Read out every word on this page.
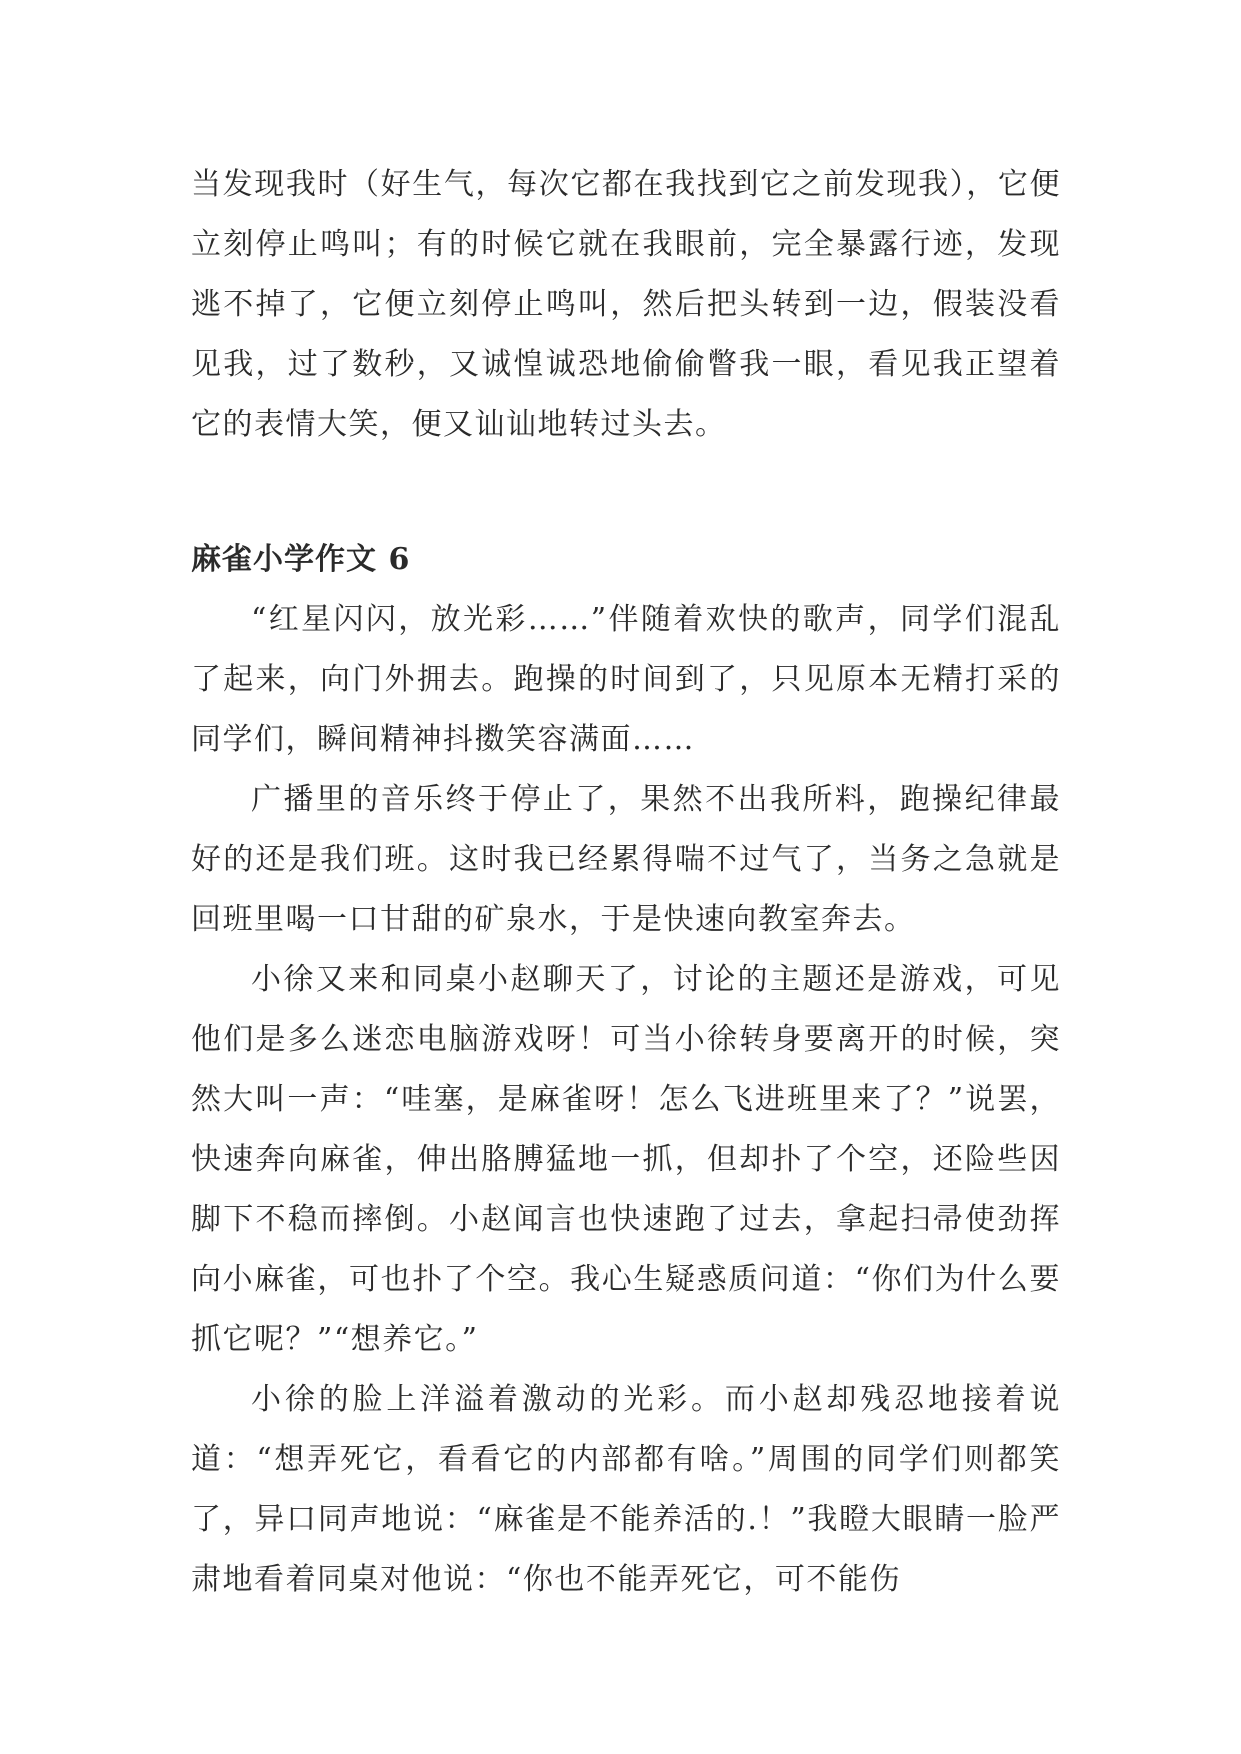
当发现我时（好生气，每次它都在我找到它之前发现我），它便立刻停止鸣叫；有的时候它就在我眼前，完全暴露行迹，发现逃不掉了，它便立刻停止鸣叫，然后把头转到一边，假装没看见我，过了数秒，又诚惶诚恐地偷偷瞥我一眼，看见我正望着它的表情大笑，便又讪讪地转过头去。

麻雀小学作文 6

“红星闪闪，放光彩……”伴随着欢快的歌声，同学们混乱了起来，向门外拥去。跑操的时间到了，只见原本无精打采的同学们，瞬间精神抖擞笑容满面……

广播里的音乐终于停止了，果然不出我所料，跑操纪律最好的还是我们班。这时我已经累得喘不过气了，当务之急就是回班里喝一口甘甜的矿泉水，于是快速向教室奔去。

小徐又来和同桌小赵聊天了，讨论的主题还是游戏，可见他们是多么迷恋电脑游戏呀！可当小徐转身要离开的时候，突然大叫一声：“哇塞，是麻雀呀！怎么飞进班里来了？”说罢，快速奔向麻雀，伸出胳膊猛地一抓，但却扑了个空，还险些因脚下不稳而摔倒。小赵闻言也快速跑了过去，拿起扫帚使劲挥向小麻雀，可也扑了个空。我心生疑惑质问道：“你们为什么要抓它呢？”“想养它。”

小徐的脸上洋溢着激动的光彩。而小赵却残忍地接着说道：“想弄死它，看看它的内部都有啥。”周围的同学们则都笑了，异口同声地说：“麻雀是不能养活的.！”我瞪大眼睛一脸严肃地看着同桌对他说：“你也不能弄死它，可不能伤
